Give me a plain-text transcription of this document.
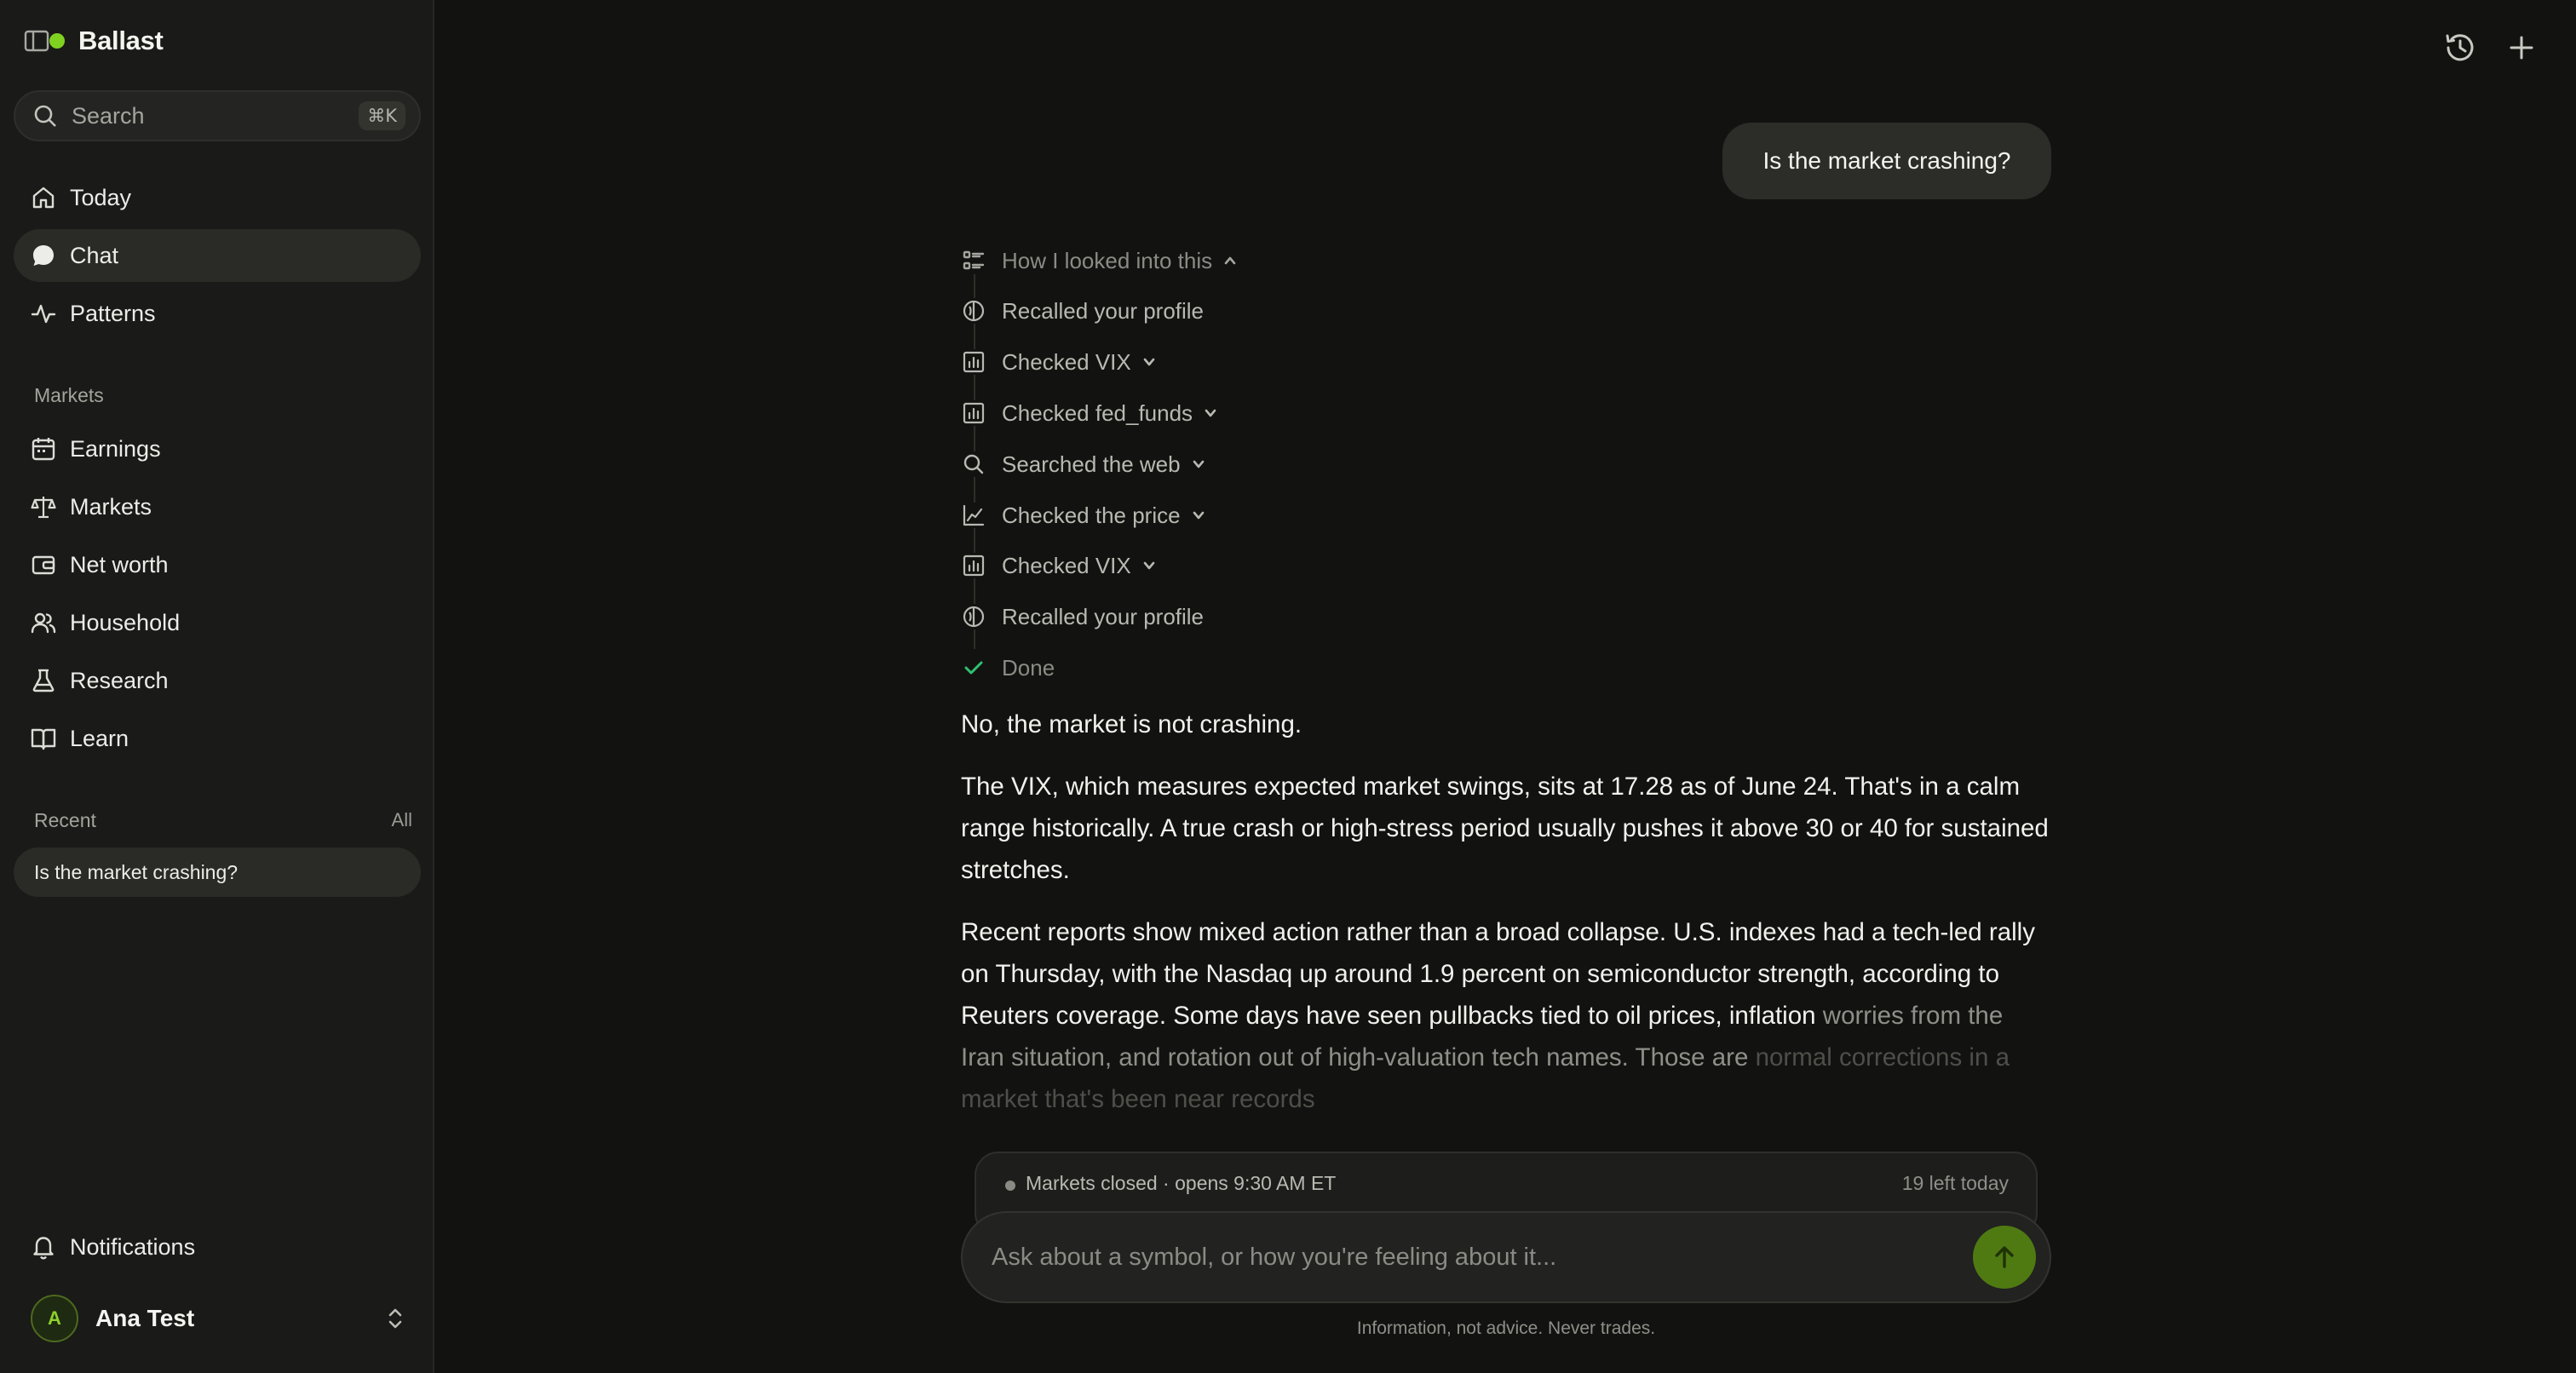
Ballast
Search	⌘K
Today
Chat
Patterns
Markets
Earnings
Markets
Net worth
Household
Research
Learn
Recent	All
Is the market crashing?
Notifications
A	Ana Test
Is the market crashing?
How I looked into this
Recalled your profile
Checked VIX
Checked fed_funds
Searched the web
Checked the price
Checked VIX
Recalled your profile
Done

No, the market is not crashing.

The VIX, which measures expected market swings, sits at 17.28 as of June 24. That's in a calm range historically. A true crash or high-stress period usually pushes it above 30 or 40 for sustained stretches.

Recent reports show mixed action rather than a broad collapse. U.S. indexes had a tech-led rally on Thursday, with the Nasdaq up around 1.9 percent on semiconductor strength, according to Reuters coverage. Some days have seen pullbacks tied to oil prices, inflation worries from the Iran situation, and rotation out of high-valuation tech names. Those are normal corrections in a market that's been near records

Markets closed · opens 9:30 AM ET	19 left today
Ask about a symbol, or how you're feeling about it...
Information, not advice. Never trades.
